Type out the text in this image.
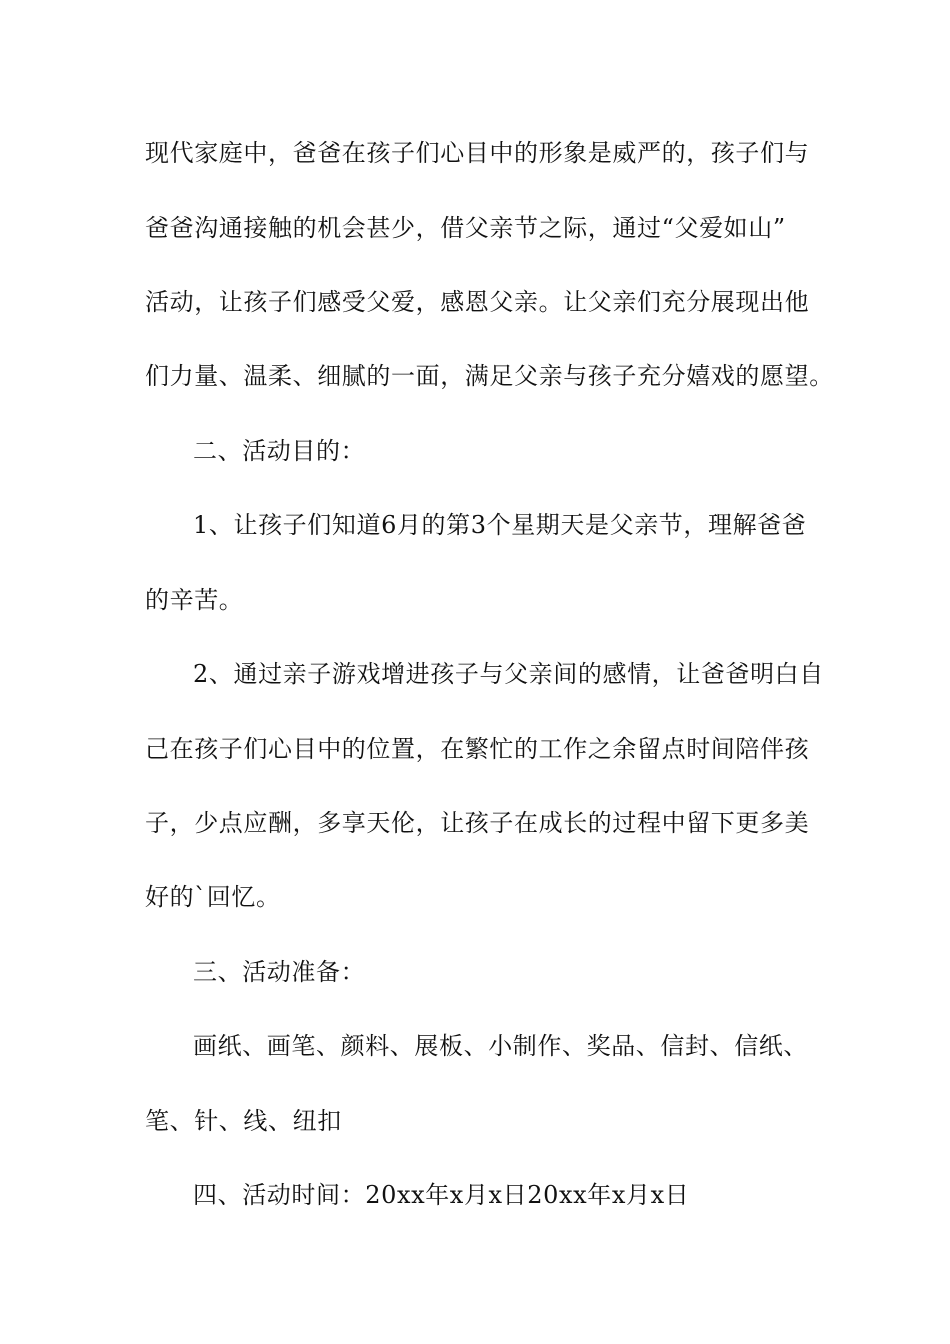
现代家庭中，爸爸在孩子们心目中的形象是威严的，孩子们与
爸爸沟通接触的机会甚少，借父亲节之际，通过“父爱如山”
活动，让孩子们感受父爱，感恩父亲。让父亲们充分展现出他
们力量、温柔、细腻的一面，满足父亲与孩子充分嬉戏的愿望。
二、活动目的：
1、让孩子们知道6月的第3个星期天是父亲节，理解爸爸
的辛苦。
2、通过亲子游戏增进孩子与父亲间的感情，让爸爸明白自
己在孩子们心目中的位置，在繁忙的工作之余留点时间陪伴孩
子，少点应酬，多享天伦，让孩子在成长的过程中留下更多美
好的`回忆。
三、活动准备：
画纸、画笔、颜料、展板、小制作、奖品、信封、信纸、
笔、针、线、纽扣
四、活动时间：20xx年x月x日20xx年x月x日
